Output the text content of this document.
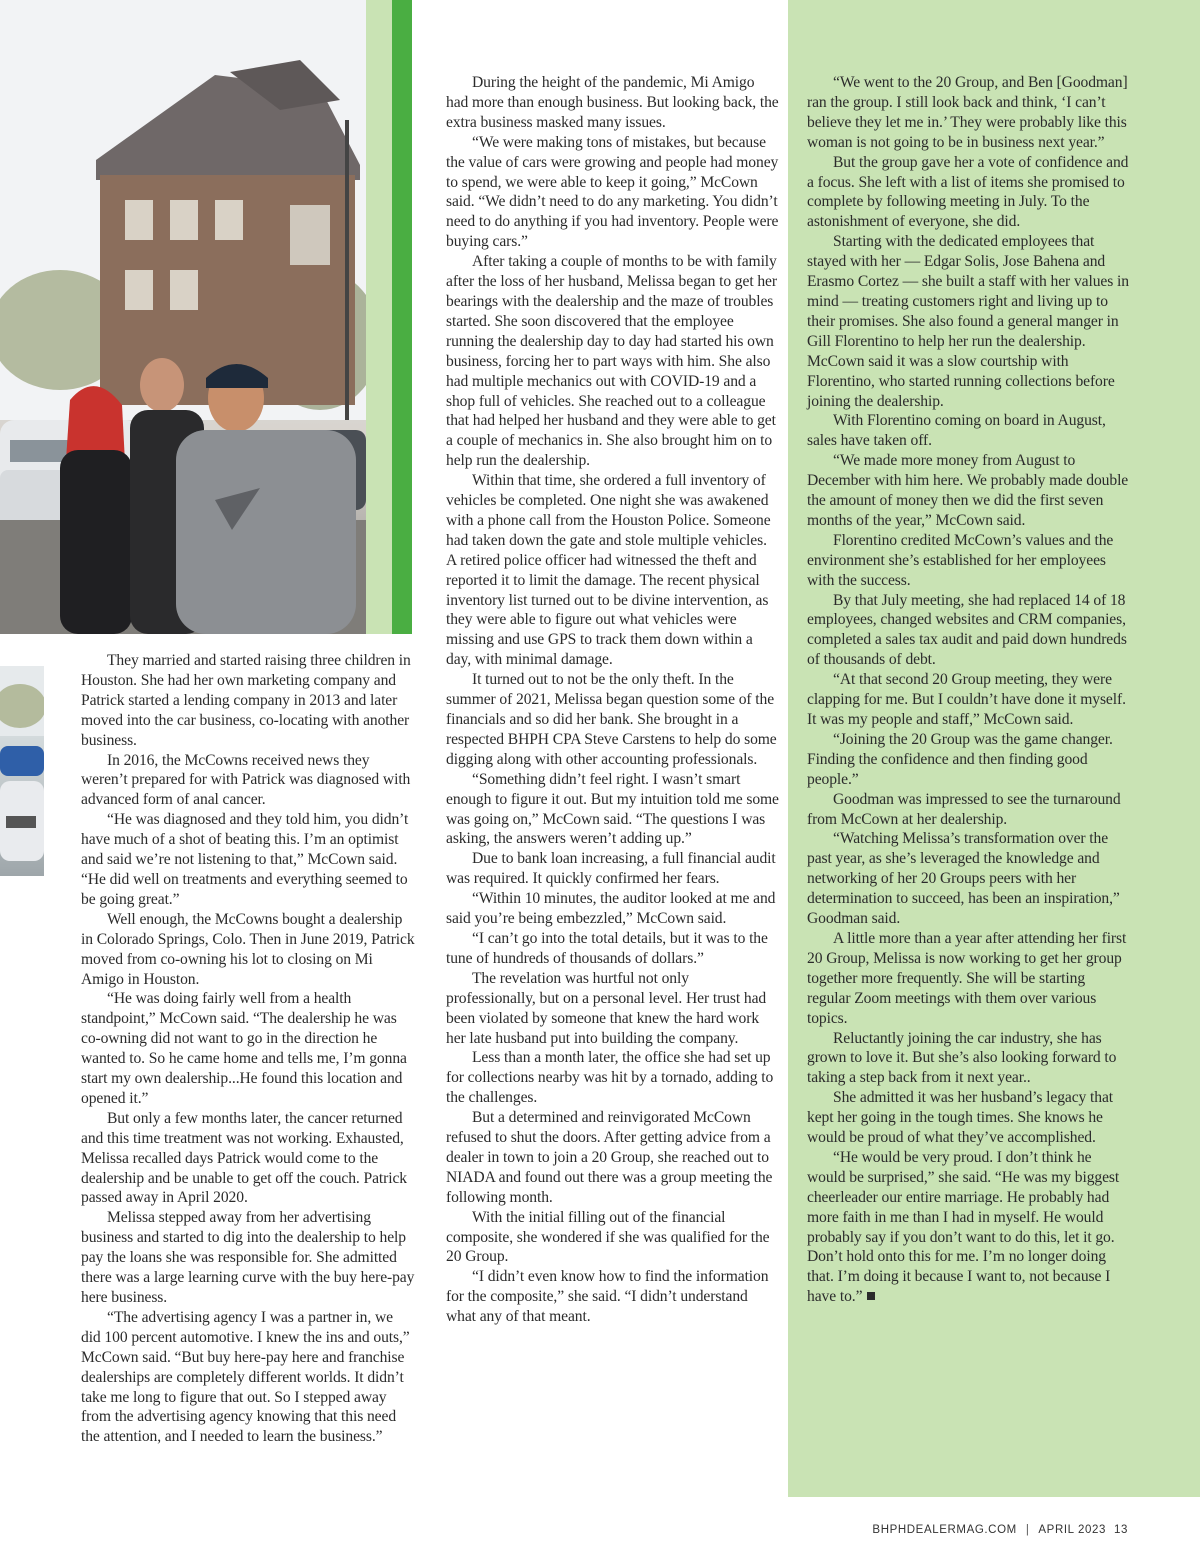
They married and started raising three children in Houston. She had her own marketing company and Patrick started a lending company in 2013 and later moved into the car business, co-locating with another business.

In 2016, the McCowns received news they weren’t prepared for with Patrick was diagnosed with advanced form of anal cancer.

“He was diagnosed and they told him, you didn’t have much of a shot of beating this. I’m an optimist and said we’re not listening to that,” McCown said. “He did well on treatments and everything seemed to be going great.”

Well enough, the McCowns bought a dealership in Colorado Springs, Colo. Then in June 2019, Patrick moved from co-owning his lot to closing on Mi Amigo in Houston.

“He was doing fairly well from a health standpoint,” McCown said. “The dealership he was co-owning did not want to go in the direction he wanted to. So he came home and tells me, I’m gonna start my own dealership...He found this location and opened it.”

But only a few months later, the cancer returned and this time treatment was not working. Exhausted, Melissa recalled days Patrick would come to the dealership and be unable to get off the couch. Patrick passed away in April 2020.

Melissa stepped away from her advertising business and started to dig into the dealership to help pay the loans she was responsible for. She admitted there was a large learning curve with the buy here-pay here business.

“The advertising agency I was a partner in, we did 100 percent automotive. I knew the ins and outs,” McCown said. “But buy here-pay here and franchise dealerships are completely different worlds. It didn’t take me long to figure that out. So I stepped away from the advertising agency knowing that this need the attention, and I needed to learn the business.”

During the height of the pandemic, Mi Amigo had more than enough business. But looking back, the extra business masked many issues.

“We were making tons of mistakes, but because the value of cars were growing and people had money to spend, we were able to keep it going,” McCown said. “We didn’t need to do any marketing. You didn’t need to do anything if you had inventory. People were buying cars.”

After taking a couple of months to be with family after the loss of her husband, Melissa began to get her bearings with the dealership and the maze of troubles started. She soon discovered that the employee running the dealership day to day had started his own business, forcing her to part ways with him. She also had multiple mechanics out with COVID-19 and a shop full of vehicles. She reached out to a colleague that had helped her husband and they were able to get a couple of mechanics in. She also brought him on to help run the dealership.

Within that time, she ordered a full inventory of vehicles be completed. One night she was awakened with a phone call from the Houston Police. Someone had taken down the gate and stole multiple vehicles. A retired police officer had witnessed the theft and reported it to limit the damage. The recent physical inventory list turned out to be divine intervention, as they were able to figure out what vehicles were missing and use GPS to track them down within a day, with minimal damage.

It turned out to not be the only theft. In the summer of 2021, Melissa began question some of the financials and so did her bank. She brought in a respected BHPH CPA Steve Carstens to help do some digging along with other accounting professionals.

“Something didn’t feel right. I wasn’t smart enough to figure it out. But my intuition told me some was going on,” McCown said. “The questions I was asking, the answers weren’t adding up.”

Due to bank loan increasing, a full financial audit was required. It quickly confirmed her fears.

“Within 10 minutes, the auditor looked at me and said you’re being embezzled,” McCown said.

“I can’t go into the total details, but it was to the tune of hundreds of thousands of dollars.”

The revelation was hurtful not only professionally, but on a personal level. Her trust had been violated by someone that knew the hard work her late husband put into building the company.

Less than a month later, the office she had set up for collections nearby was hit by a tornado, adding to the challenges.

But a determined and reinvigorated McCown refused to shut the doors. After getting advice from a dealer in town to join a 20 Group, she reached out to NIADA and found out there was a group meeting the following month.

With the initial filling out of the financial composite, she wondered if she was qualified for the 20 Group.

“I didn’t even know how to find the information for the composite,” she said. “I didn’t understand what any of that meant.

“We went to the 20 Group, and Ben [Goodman] ran the group. I still look back and think, ‘I can’t believe they let me in.’ They were probably like this woman is not going to be in business next year.”

But the group gave her a vote of confidence and a focus. She left with a list of items she promised to complete by following meeting in July. To the astonishment of everyone, she did.

Starting with the dedicated employees that stayed with her — Edgar Solis, Jose Bahena and Erasmo Cortez — she built a staff with her values in mind — treating customers right and living up to their promises. She also found a general manger in Gill Florentino to help her run the dealership. McCown said it was a slow courtship with Florentino, who started running collections before joining the dealership.

With Florentino coming on board in August, sales have taken off.

“We made more money from August to December with him here. We probably made double the amount of money then we did the first seven months of the year,” McCown said.

Florentino credited McCown’s values and the environment she’s established for her employees with the success.

By that July meeting, she had replaced 14 of 18 employees, changed websites and CRM companies, completed a sales tax audit and paid down hundreds of thousands of debt.

“At that second 20 Group meeting, they were clapping for me. But I couldn’t have done it myself. It was my people and staff,” McCown said.

“Joining the 20 Group was the game changer. Finding the confidence and then finding good people.”

Goodman was impressed to see the turnaround from McCown at her dealership.

“Watching Melissa’s transformation over the past year, as she’s leveraged the knowledge and networking of her 20 Groups peers with her determination to succeed, has been an inspiration,” Goodman said.

A little more than a year after attending her first 20 Group, Melissa is now working to get her group together more frequently. She will be starting regular Zoom meetings with them over various topics.

Reluctantly joining the car industry, she has grown to love it. But she’s also looking forward to taking a step back from it next year..

She admitted it was her husband’s legacy that kept her going in the tough times. She knows he would be proud of what they’ve accomplished.

“He would be very proud. I don’t think he would be surprised,” she said. “He was my biggest cheerleader our entire marriage. He probably had more faith in me than I had in myself. He would probably say if you don’t want to do this, let it go. Don’t hold onto this for me. I’m no longer doing that. I’m doing it because I want to, not because I have to.”

BHPHDEALERMAG.COM | APRIL 2023 13
